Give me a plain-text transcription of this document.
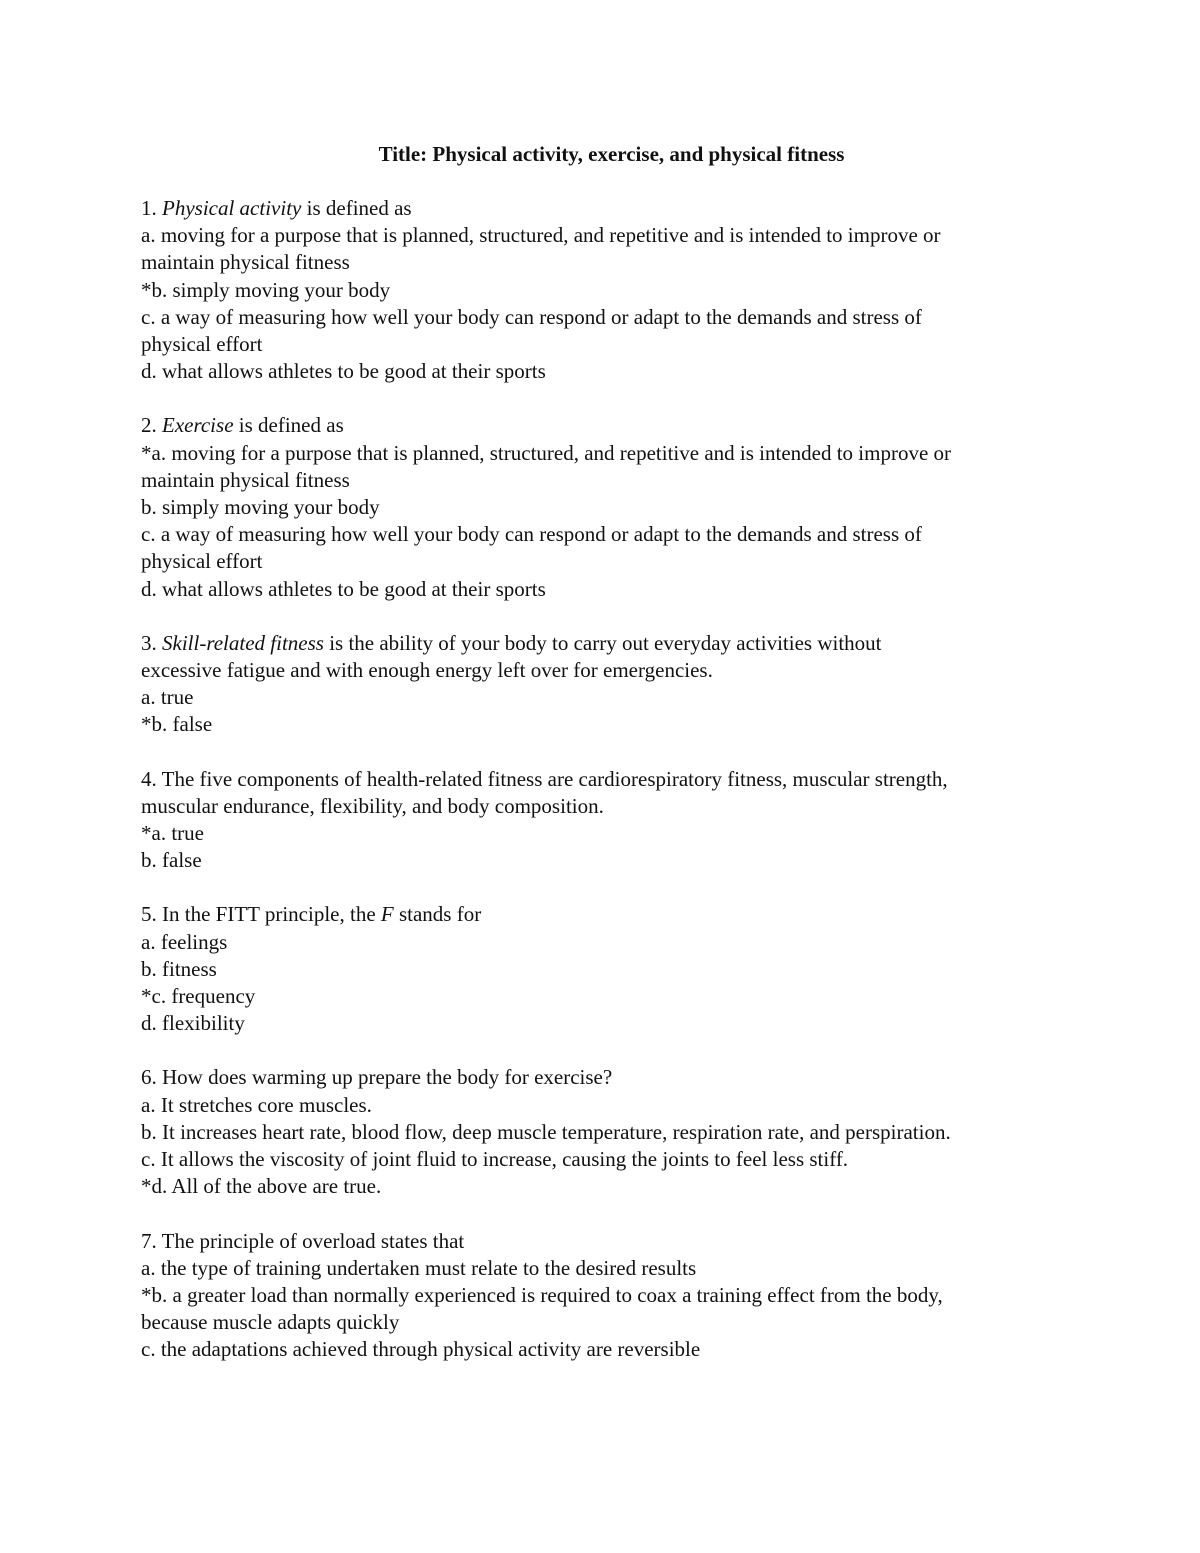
Title: Physical activity, exercise, and physical fitness
1. Physical activity is defined as
a. moving for a purpose that is planned, structured, and repetitive and is intended to improve or
maintain physical fitness
*b. simply moving your body
c. a way of measuring how well your body can respond or adapt to the demands and stress of
physical effort
d. what allows athletes to be good at their sports
2. Exercise is defined as
*a. moving for a purpose that is planned, structured, and repetitive and is intended to improve or
maintain physical fitness
b. simply moving your body
c. a way of measuring how well your body can respond or adapt to the demands and stress of
physical effort
d. what allows athletes to be good at their sports
3. Skill-related fitness is the ability of your body to carry out everyday activities without
excessive fatigue and with enough energy left over for emergencies.
a. true
*b. false
4. The five components of health-related fitness are cardiorespiratory fitness, muscular strength,
muscular endurance, flexibility, and body composition.
*a. true
b. false
5. In the FITT principle, the F stands for
a. feelings
b. fitness
*c. frequency
d. flexibility
6. How does warming up prepare the body for exercise?
a. It stretches core muscles.
b. It increases heart rate, blood flow, deep muscle temperature, respiration rate, and perspiration.
c. It allows the viscosity of joint fluid to increase, causing the joints to feel less stiff.
*d. All of the above are true.
7. The principle of overload states that
a. the type of training undertaken must relate to the desired results
*b. a greater load than normally experienced is required to coax a training effect from the body,
because muscle adapts quickly
c. the adaptations achieved through physical activity are reversible
